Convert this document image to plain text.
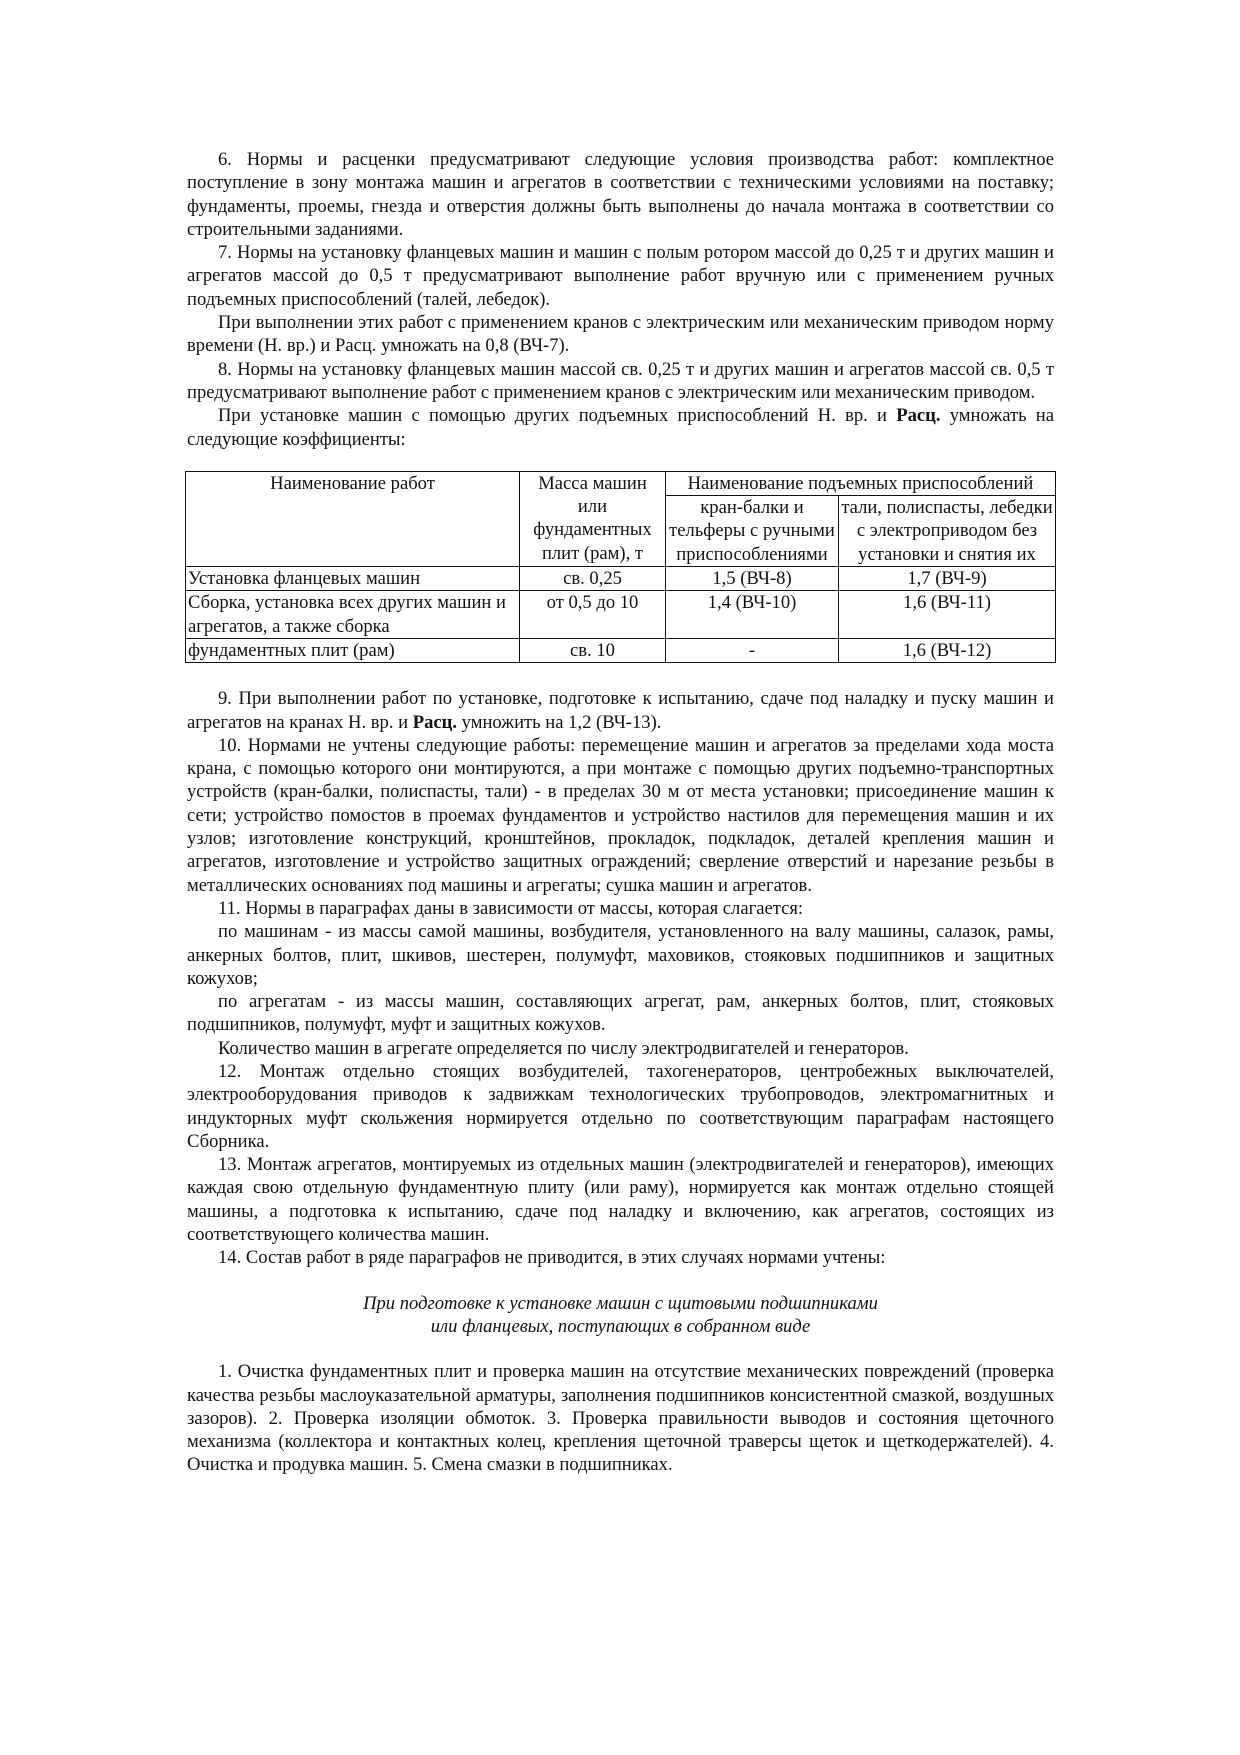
6. Нормы и расценки предусматривают следующие условия производства работ: комплектное поступление в зону монтажа машин и агрегатов в соответствии с техническими условиями на поставку; фундаменты, проемы, гнезда и отверстия должны быть выполнены до начала монтажа в соответствии со строительными заданиями.

7. Нормы на установку фланцевых машин и машин с полым ротором массой до 0,25 т и других машин и агрегатов массой до 0,5 т предусматривают выполнение работ вручную или с применением ручных подъемных приспособлений (талей, лебедок).

При выполнении этих работ с применением кранов с электрическим или механическим приводом норму времени (Н. вр.) и Расц. умножать на 0,8 (ВЧ-7).

8. Нормы на установку фланцевых машин массой св. 0,25 т и других машин и агрегатов массой св. 0,5 т предусматривают выполнение работ с применением кранов с электрическим или механическим приводом.

При установке машин с помощью других подъемных приспособлений Н. вр. и Расц. умножать на следующие коэффициенты:

Наименование работ	Масса машин или фундаментных плит (рам), т	Наименование подъемных приспособлений	
		кран-балки и тельферы с ручными приспособлениями	тали, полиспасты, лебедки с электроприводом без установки и снятия их
Установка фланцевых машин	св. 0,25	1,5 (ВЧ-8)	1,7 (ВЧ-9)
Сборка, установка всех других машин и агрегатов, а также сборка	от 0,5 до 10	1,4 (ВЧ-10)	1,6 (ВЧ-11)
фундаментных плит (рам)	св. 10	-	1,6 (ВЧ-12)

9. При выполнении работ по установке, подготовке к испытанию, сдаче под наладку и пуску машин и агрегатов на кранах Н. вр. и Расц. умножить на 1,2 (ВЧ-13).

10. Нормами не учтены следующие работы: перемещение машин и агрегатов за пределами хода моста крана, с помощью которого они монтируются, а при монтаже с помощью других подъемно-транспортных устройств (кран-балки, полиспасты, тали) - в пределах 30 м от места установки; присоединение машин к сети; устройство помостов в проемах фундаментов и устройство настилов для перемещения машин и их узлов; изготовление конструкций, кронштейнов, прокладок, подкладок, деталей крепления машин и агрегатов, изготовление и устройство защитных ограждений; сверление отверстий и нарезание резьбы в металлических основаниях под машины и агрегаты; сушка машин и агрегатов.

11. Нормы в параграфах даны в зависимости от массы, которая слагается:

по машинам - из массы самой машины, возбудителя, установленного на валу машины, салазок, рамы, анкерных болтов, плит, шкивов, шестерен, полумуфт, маховиков, стояковых подшипников и защитных кожухов;

по агрегатам - из массы машин, составляющих агрегат, рам, анкерных болтов, плит, стояковых подшипников, полумуфт, муфт и защитных кожухов.

Количество машин в агрегате определяется по числу электродвигателей и генераторов.

12. Монтаж отдельно стоящих возбудителей, тахогенераторов, центробежных выключателей, электрооборудования приводов к задвижкам технологических трубопроводов, электромагнитных и индукторных муфт скольжения нормируется отдельно по соответствующим параграфам настоящего Сборника.

13. Монтаж агрегатов, монтируемых из отдельных машин (электродвигателей и генераторов), имеющих каждая свою отдельную фундаментную плиту (или раму), нормируется как монтаж отдельно стоящей машины, а подготовка к испытанию, сдаче под наладку и включению, как агрегатов, состоящих из соответствующего количества машин.

14. Состав работ в ряде параграфов не приводится, в этих случаях нормами учтены:

При подготовке к установке машин с щитовыми подшипниками
или фланцевых, поступающих в собранном виде

1. Очистка фундаментных плит и проверка машин на отсутствие механических повреждений (проверка качества резьбы маслоуказательной арматуры, заполнения подшипников консистентной смазкой, воздушных зазоров). 2. Проверка изоляции обмоток. 3. Проверка правильности выводов и состояния щеточного механизма (коллектора и контактных колец, крепления щеточной траверсы щеток и щеткодержателей). 4. Очистка и продувка машин. 5. Смена смазки в подшипниках.
